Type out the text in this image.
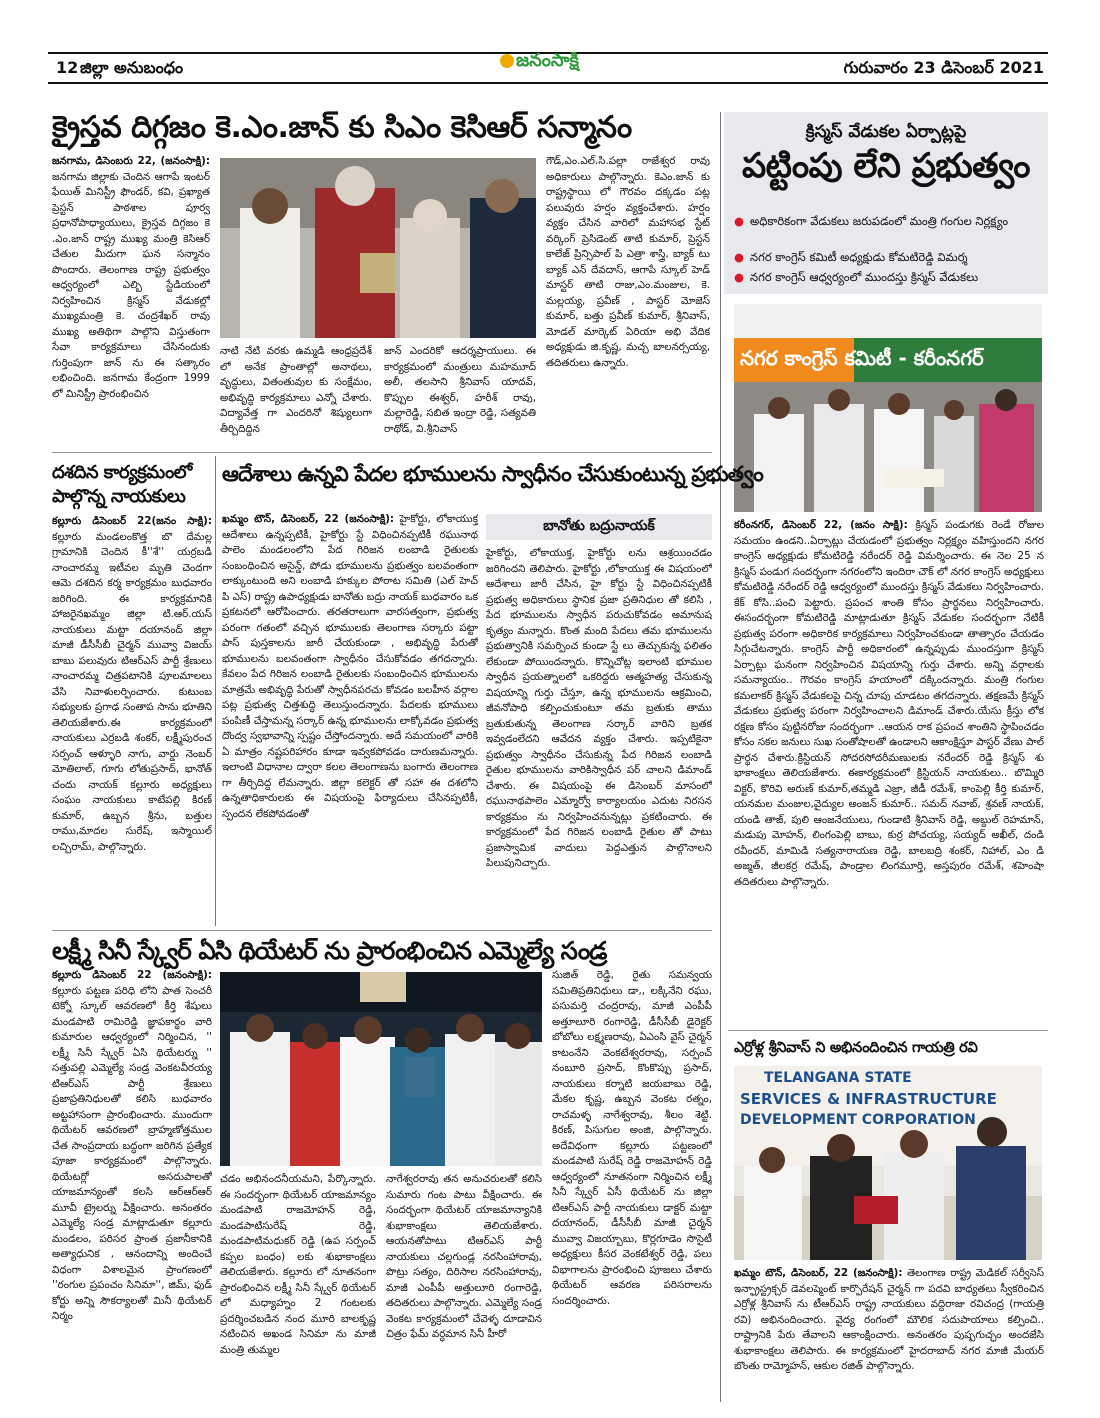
12 జిల్లా అనుబంధం	జనంసాక్షి	గురువారం 23 డిసెంబర్ 2021
క్రైస్తవ దిగ్గజం కె.ఎం.జాన్ కు సిఎం కెసిఆర్ సన్మానం

జనగామ, డిసెంబరు 22, (జనంసాక్షి): జనగామ జిల్లాకు చెందిన ఆగాపే ఇంటర్ ఫేయిత్ మినిస్ట్రీ ఫౌండర్, కవి, ప్రఖ్యాత ప్రెస్టన్ పాఠశాల పూర్వ ప్రధానోపాధ్యాయులు, క్రైస్తవ దిగ్గజం కె .ఎం.జాన్ రాష్ట్ర ముఖ్య మంత్రి కెసిఆర్ చేతుల మీదుగా ఘన సన్మానం పొందారు. తెలంగాణ రాష్ట్ర ప్రభుత్వం ఆధ్వర్యంలో ఎల్బి స్టేడియంలో నిర్వహించిన క్రిస్మస్ వేడుకల్లో ముఖ్యమంత్రి కె. చంద్రశేఖర్ రావు ముఖ్య అతిథిగా పాల్గొని విస్తుతంగా సేవా కార్యక్రమాలు చేసినందుకు గుర్తింపుగా జాన్ ను ఈ సత్కారం లభించింది. జనగామ కేంద్రంగా 1999 లో మినిస్ట్రీ ప్రారంభించిన

నాటి నేటి వరకు ఉమ్మడి ఆంధ్రప్రదేశ్ లో అనేక ప్రాంతాల్లో అనాథలు, వృద్ధులు, వితంతువుల కు సంక్షేమం, అభివృద్ధి కార్యక్రమాలు ఎన్నో చేశారు. విద్యావేత్త గా ఎందరినో శిష్యులుగా తీర్చిదిద్దిన

జాన్ ఎందరికో ఆదర్శప్రాయులు. ఈ కార్యక్రమంలో మంత్రులు మహమూద్ అలీ, తలసాని శ్రీనివాస్ యాదవ్, కొప్పుల ఈశ్వర్, హరీశ్ రావు, మల్లారెడ్డి, సబిత ఇంద్రా రెడ్డి, సత్యవతి రాథోడ్, వి.శ్రీనివాస్

గౌడ్,ఎం.ఎల్.సి.పల్లా రాజేశ్వర రావు అధికారులు పాల్గొన్నారు. కెఎం.జాన్ కు రాష్ట్రస్థాయి లో గౌరవం దక్కడం పట్ల పలువురు హర్షం వ్యక్తంచేశారు. హర్షం వ్యక్తం చేసిన వారిలో మహాసభ స్టేట్ వర్కింగ్ ప్రెసిడెంట్ తాటి కుమార్, ప్రెస్టన్ కాలేజ్ ప్రిన్సిపాల్ పి ఎత్రా శాస్త్రి, బ్యాక్ టు బ్యాక్ ఎన్ దేవదాస్, ఆగాపే స్కూల్ హెడ్ మాస్టర్ తాటి రాజు,ఎం.మంజుల, కె. మల్లయ్య, ప్రవీణ్ , పాస్టర్ మోజెస్ కుమార్, బత్తు ప్రవీణ్ కుమార్, శ్రీనివాస్, మోడల్ మార్కెట్ ఏరియా అభి వేదిక అధ్యక్షుడు జి.కృష్ణ, మచ్చ బాలనర్సయ్య, తదితరులు ఉన్నారు.

క్రిస్మస్ వేడుకల ఏర్పాట్లపై
పట్టింపు లేని ప్రభుత్వం
● అధికారికంగా వేడుకలు జరుపడంలో మంత్రి గంగుల నిర్లక్ష్యం
● నగర కాంగ్రెస్ కమిటీ అధ్యక్షుడు కోమటిరెడ్డి విమర్శ
● నగర కాంగ్రెస్ ఆధ్వర్యంలో ముందస్తు క్రిస్మస్ వేడుకలు
నగర కాంగ్రెస్ కమిటీ - కరీంనగర్

కరీంనగర్, డిసెంబర్ 22, (జనం సాక్షి): క్రిస్మస్ పండుగకు రెండే రోజుల సమయం ఉండని..ఏర్పాట్లు చేయడంలో ప్రభుత్వం నిర్లక్ష్యం వహిస్తుందని నగర కాంగ్రెస్ అధ్యక్షుడు కోమటిరెడ్డి నరేందర్ రెడ్డి విమర్శించారు. ఈ నెల 25 న క్రిస్మస్ పండుగ సందర్భంగా నగరంలోని ఇందిరా చౌక్ లో నగర కాంగ్రెస్ అధ్యక్షులు కోమటిరెడ్డి నరేందర్ రెడ్డి ఆధ్వర్యంలో ముందస్తు క్రిస్మస్ వేడుకలు నిర్వహించారు. కేక్ కోసి..పంచి పెట్టారు. ప్రపంచ శాంతి కోసం ప్రార్థనలు నిర్వహించారు. ఈసందర్భంగా కోమటిరెడ్డి మాట్లాడుతూ క్రిస్మస్ వేడుకల సందర్భంగా నేటికీ ప్రభుత్వ పరంగా అధికారిక కార్యక్రమాలు నిర్వహించకుండా తాత్సారం చేయడం సిగ్గుచేటన్నారు. కాంగ్రెస్ పార్టీ అధికారంలో ఉన్నప్పుడు ముందస్తుగా క్రిస్మస్ ఏర్పాట్లు ఘనంగా నిర్వహించిన విషయాన్ని గుర్తు చేశారు. అన్ని వర్గాలకు సమన్యాయం.. గౌరవం కాంగ్రెస్ హయాంలో దక్కిందన్నారు. మంత్రి గంగుల కమలాకర్ క్రిస్మస్ వేడుకలపై చిన్న చూపు చూడటం తగదన్నారు. తక్షణమే క్రిస్మస్ వేడుకలు ప్రభుత్వ పరంగా నిర్వహించాలని డిమాండ్ చేశారు.యేసు క్రీస్తు లోక రక్షణ కోసం పుట్టినరోజు సందర్భంగా ..ఆయన రాక ప్రపంచ శాంతిని స్థాపించడం కోసం సకల జనులు సుఖ సంతోషాలతో ఉండాలని ఆకాంక్షిస్తూ పాస్టర్ వేణు పాల్ ప్రార్థన చేశారు.క్రిస్టియన్ సోదరసోదరీమణులకు నరేందర్ రెడ్డి క్రిస్మస్ శు భాకాంక్షలు తెలియజేశారు. ఈకార్యక్రమంలో క్రిస్టియన్ నాయకులు.. బొమ్మిరి విక్టర్, కొరివి అరుణ్ కుమార్,తమ్మడి ఎజ్రా, జీడీ రమేశ్, కాంపెల్లి కీర్తి కుమార్, యనమల మంజుల,వైద్యుల అంజన్ కుమార్.. సమద్ నవాబ్, శ్రవణ్ నాయక్, యండి తాజ్, పులి ఆంజనేయులు, గుండాటి శ్రీనివాస్ రెడ్డి, అబ్దుల్ రెహమాన్, మడుపు మోహన్, లింగంపెల్లి బాబు, కుర్ర పోచయ్య, సయ్యద్ అఖీల్, దండి రవీందర్, మామిడి సత్యనారాయణ రెడ్డి, బాలబద్రి శంకర్, నిహాల్, ఎం డి అజ్మత్, జీలకర్ర రమేష్, పాండ్రాల లింగమూర్తి, అస్తపురం రమేశ్, శహెంషా తదితరులు పాల్గొన్నారు.

దశదిన కార్యక్రమంలో
పాల్గొన్న నాయకులు

కల్లూరు డిసెంబర్ 22(జనం సాక్షి): కల్లూరు మండలంకొత్త బొ దేమల్ల గ్రామానికి చెందిన కీ''శే'' యర్రబడి నాంచారమ్మ ఇటీవల మృతి చెందగా ఆమె దశదిన కర్మ కార్యక్రమం బుధవారం జరిగింది. ఈ కార్యక్రమానికి హాజరైనఖమ్మం జిల్లా టి.ఆర్.యస్ నాయకులు మట్టా దయానంద్ జిల్లా మాజీ డీసీసీబీ చైర్మన్ మువ్వా విజయ్ బాబు పలువురు టిఆర్ఎస్ పార్టీ శ్రేణులు నాంచారమ్మ చిత్రపటానికి పూలమాలలు వేసి నివాళులర్పించారు. కుటుంబ సభ్యులకు ప్రగాఢ సంతాప సాను భూతిని తెలియజేశారు.ఈ కార్యక్రమంలో నాయకులు ఎర్రబడి శంకర్, లక్ష్మీపురంచ సర్పంచ్ ఆళ్ళూరి నాగు, వార్డు నెంబర్ మోతిలాల్, గూగు లోతుప్రసాద్, భానోత్ చందు నాయక్ కల్లూరు అధ్యక్షులు సంఘం నాయకులు కాటేపల్లి కిరణ్ కుమార్, ఉబ్బన శ్రీను, బత్తుల రాము,మాదల సురేష్, ఇస్మాయిల్ లచ్చిరామ్, పాల్గొన్నారు.

ఆదేశాలు ఉన్నవి పేదల భూములను స్వాధీనం చేసుకుంటున్న ప్రభుత్వం

ఖమ్మం టౌన్, డిసెంబర్, 22 (జనంసాక్షి): హైకోర్టు, లోకాయుక్త ఆదేశాలు ఉన్నప్పటికీ, హైకోర్టు స్టే విధించినప్పటికీ రఘునాథ పాలెం మండలంలోని పేద గిరిజన లంబాడి రైతులకు సంబంధించిన అసైన్డ్, పోడు భూములను ప్రభుత్వం బలవంతంగా లాక్కుంటుంది అని లంబాడి హక్కుల పోరాట సమితి (ఎల్ హెచ్ పి ఎస్) రాష్ట్ర ఉపాధ్యక్షుడు బానోతు బద్రు నాయక్ బుధవారం ఒక ప్రకటనలో ఆరోపించారు. తరతరాలుగా వారసత్వంగా, ప్రభుత్వ పరంగా గతంలో వచ్చిన భూములకు తెలంగాణ సర్కారు పట్టా పాస్ పుస్తకాలను జారీ చేయకుండా , అభివృద్ధి పేరుతో భూములను బలవంతంగా స్వాధీనం చేసుకోవడం తగదన్నారు. కేవలం పేద గిరిజన లంబాడి రైతులకు సంబంధించిన భూములను మాత్రమే అభివృద్ధి పేరుతో స్వాధీనపరచు కోవడం బలహీన వర్గాల పట్ల ప్రభుత్వ చిత్తశుద్ధి తెలుస్తుందన్నారు. పేదలకు భూములు పంపిణీ చేస్తామన్న సర్కార్ ఉన్న భూములను లాక్కోవడం ప్రభుత్వ దొంద్వ స్వభావాన్ని స్పష్టం చేస్తోందన్నారు. అదే సమయంలో వారికి ఏ మాత్రం నష్టపరిహారం కూడా ఇవ్వకపోవడం దారుణమన్నారు. ఇలాంటి విధానాల ద్వారా కలల తెలంగాణను బంగారు తెలంగాణ గా తీర్చిదిద్ద లేమన్నారు. జిల్లా కలెక్టర్ తో సహా ఈ దశలోని ఉన్నతాధికారులకు ఈ విషయంపై ఫిర్యాదులు చేసినప్పటికీ, స్పందన లేకపోవడంతో

బానోతు బద్రునాయక్

హైకోర్టు, లోకాయుక్త, హైకోర్టు లను ఆశ్రయించడం జరిగిందని తెలిపారు. హైకోర్టు ,లోకాయుక్త ఈ విషయంలో ఆదేశాలు జారీ చేసిన, హై కోర్టు స్టే విధించినప్పటికీ ప్రభుత్వ అధికారులు స్థానిక ప్రజా ప్రతినిధుల తో కలిసి , పేద భూములను స్వాధీన పరుచుకోవడం అమానుష కృత్యం మన్నారు. కొంత మంది పేదలు తమ భూములను ప్రభుత్వానికి సమర్పించ కుండా స్టే లు తెచ్చుకున్న ఫలితం లేకుండా పోయిందన్నారు. కొన్నిచోట్ల ఇలాంటి భూముల స్వాధీన ప్రయత్నాలలో ఒకరిద్దరు ఆత్మహత్య చేసుకున్న విషయాన్ని గుర్తు చేస్తూ, ఉన్న భూములను ఆక్రమించి, జీవనోపాధి కల్పించుకుంటూ తమ బ్రతుకు తాము బ్రతుకుతున్న తెలంగాణ సర్కార్ వారిని బ్రతక ఇవ్వడంలేదని ఆవేదన వ్యక్తం చేశారు. ఇప్పటికైనా ప్రభుత్వం స్వాధీనం చేసుకున్న పేద గిరిజన లంబాడి రైతుల భూములను వారికిస్వాధీన పర్ చాలని డిమాండ్ చేశారు. ఈ విషయంపై ఈ డిసెంబర్ మాసంలో రఘునాథపాలెం ఎమ్మార్వో కార్యాలయం ఎదుట నిరసన కార్యక్రమం ను నిర్వహించనున్నట్లు ప్రకటించారు. ఈ కార్యక్రమంలో పేద గిరిజన లంబాడి రైతుల తో పాటు ప్రజాస్వామిక వాదులు పెద్దఎత్తున పాల్గొనాలని పిలుపునిచ్చారు.

లక్ష్మీ సినీ స్క్వేర్ ఏసి థియేటర్ ను ప్రారంభించిన ఎమ్మెల్యే సండ్ర

కల్లూరు డిసెంబర్ 22 (జనంసాక్షి): కల్లూరు పట్టణ పరిధి లోని పాత సెంచరీ టెక్నో స్కూల్ ఆవరణలో కీర్తి శేషులు మండపాటి రామిరెడ్డి జ్ఞాపకార్థం వారి కుమారుల ఆధ్వర్యంలో నిర్మించిన, '' లక్ష్మీ సినీ స్క్వేర్ ఏసి థియేటర్ను '' సత్తుపల్లి ఎమ్మెల్యే సండ్ర వెంకటవీరయ్య టిఆర్ఎస్ పార్టీ శ్రేణులు ప్రజాప్రతినిధులతో కలిసి బుధవారం అట్టహాసంగా ప్రారంభించారు. ముందుగా థియేటర్ ఆవరణలో బ్రాహ్మణోత్తముల చేత సాంప్రదాయ బద్ధంగా జరిగిన ప్రత్యేక పూజా కార్యక్రమంలో పాల్గొన్నారు. థియేటర్లో అసదుపాలతో యాజమాన్యంతో కలసి ఆర్ఆర్ఆర్ మూవీ ట్రైలర్ను వీక్షించారు. అనంతరం ఎమ్మెల్యే సండ్ర మాట్లాడుతూ కల్లూరు మండలం, పరిసర ప్రాంత ప్రజానీకానికి అత్యాధునిక , ఆనందాన్ని అందించే విధంగా విశాలమైన ప్రాంగణంలో ''రంగుల ప్రపంచం సినిమా'', జిమ్, ఫుడ్ కోర్టు అన్ని సౌకర్యాలతో మినీ థియేటర్ నిర్మం

చడం అభినందనీయమని, పేర్కొన్నారు. ఈ సందర్భంగా థియేటర్ యాజమాన్యం మండపాటి రాజమోహన్ రెడ్డి, మండపాటిసురేష్ రెడ్డి, మండపాటిమధుకర్ రెడ్డి (ఉప సర్పంచ్ కప్పల బంధం) లకు శుభాకాంక్షలు తెలియజేశారు. కల్లూరు లో నూతనంగా ప్రారంభించిన లక్ష్మీ సినీ స్క్వేర్ థియేటర్ లో మధ్యాహ్నం 2 గంటలకు ప్రదర్శించబడిన నంద మూరి బాలకృష్ణ నటించిన అఖండ సినిమా ను మాజీ మంత్రి తుమ్మల

నాగేశ్వరరావు తన అనుచరులతో కలిసి సుమారు గంట పాటు వీక్షించారు. ఈ సందర్భంగా థియేటర్ యాజమాన్యానికి శుభాకాంక్షలు తెలియజేశారు. ఆయనతోపాటు టిఆర్ఎస్ పార్టీ నాయకులు చల్లగుండ్ల నరసింహారావు, పొట్రు సత్యం, దిరిసాల నరసింహారావు, మాజీ ఎంపీపీ అత్తులూరి రంగారెడ్డి, తదితరులు పాల్గొన్నారు. ఎమ్మెల్యే సండ్ర వెంకట కార్యక్రమంలో చేవెళ్ళ దూడావిన చిత్రం ఫేమ్ వర్ధమాన సినీ హీరో

సుజిత్ రెడ్డి, రైతు సమన్వయ సమితిప్రతినిధులు డా,, లక్కినేని రఘు, పసుమర్తి చంద్రరావు, మాజీ ఎంపీపీ అత్తూలూరి రంగారెడ్డి, డీసీసీబీ డైరెక్టర్ బోబోలు లక్ష్మణరావు, ఏఎంసి వైస్ చైర్మన్ కాటంనేని వెంకటేశ్వరరావు, సర్పంచ్ నంబూరి ప్రసాద్, కొంకొప్పు ప్రసాద్, నాయకులు కర్నాటి జయబాబు రెడ్డి, మేకల కృష్ణ, ఉబ్బన వెంకట రత్నం, రాచమళ్ళ నాగేశ్వరావు, శీలం శెట్టి. కిరణ్, పిసుగుల అంజి, పాల్గొన్నారు. అదేవిధంగా కల్లూరు పట్టణంలో మండపాటి సురేష్ రెడ్డి రాజమోహన్ రెడ్డి ఆధ్వర్యంలో నూతనంగా నిర్మించిన లక్ష్మీ సినీ స్క్వేర్ ఏసీ థియేటర్ ను జిల్లా టిఆర్ఎస్ పార్టీ నాయకులు డాక్టర్ మట్టా దయానంద్, డీసీసీబీ మాజీ చైర్మన్ మువ్వా విజయ్బాబు, కొర్లగూడెం సొసైటీ అధ్యక్షులు కీసర వెంకటేశ్వర్ రెడ్డి, పలు విభాగాలను ప్రారంభించి పూజలు చేశారు థియేటర్ ఆవరణ పరిసరాలను సందర్శించారు.

ఎర్రోళ్ల శ్రీనివాస్ ని అభినందించిన గాయత్రి రవి
TELANGANA STATE
SERVICES & INFRASTRUCTURE
DEVELOPMENT CORPORATION

ఖమ్మం టౌన్, డిసెంబర్, 22 (జనంసాక్షి): తెలంగాణ రాష్ట్ర మెడికల్ సర్వీసెస్ ఇన్ఫ్రాస్ట్రక్చర్ డెవలప్మెంట్ కార్పొరేషన్ చైర్మన్ గా పదవి బాధ్యతలు స్వీకరించిన ఎర్రోళ్ల శ్రీనివాస్ ను టీఆర్ఎస్ రాష్ట్ర నాయకులు వద్దిరాజు రవిచంద్ర (గాయత్రి రవి) అభినందించారు. వైద్య రంగంలో మౌలిక సదుపాయాలు కల్పించి.. రాష్ట్రానికి పేరు తేవాలని ఆకాంక్షించారు. అనంతరం పుష్పగుచ్ఛం అందజేసి శుభాకాంక్షలు తెలిపారు. ఈ కార్యక్రమంలో హైదరాబాద్ నగర మాజీ మేయర్ బొంతు రామ్మోహన్, ఆకుల రజిత్ పాల్గొన్నారు.
